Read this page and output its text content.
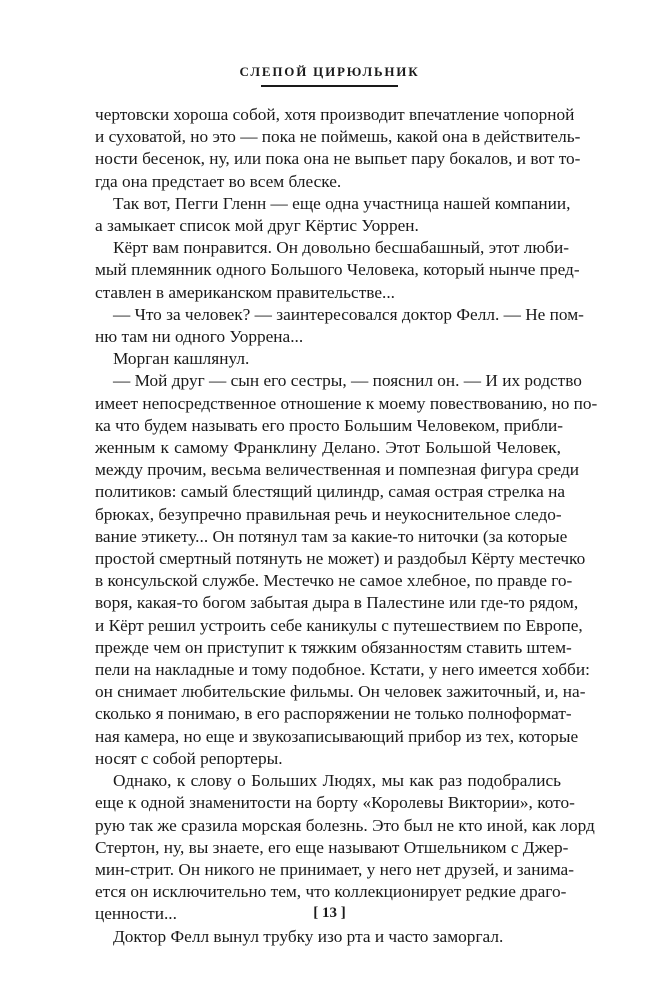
СЛЕПОЙ ЦИРЮЛЬНИК
чертовски хороша собой, хотя производит впечатление чопорной
и суховатой, но это — пока не поймешь, какой она в действитель-
ности бесенок, ну, или пока она не выпьет пару бокалов, и вот то-
гда она предстает во всем блеске.
Так вот, Пегги Гленн — еще одна участница нашей компании,
а замыкает список мой друг Кёртис Уоррен.
Кёрт вам понравится. Он довольно бесшабашный, этот люби-
мый племянник одного Большого Человека, который нынче пред-
ставлен в американском правительстве...
— Что за человек? — заинтересовался доктор Фелл. — Не пом-
ню там ни одного Уоррена...
Морган кашлянул.
— Мой друг — сын его сестры, — пояснил он. — И их родство
имеет непосредственное отношение к моему повествованию, но по-
ка что будем называть его просто Большим Человеком, прибли-
женным к самому Франклину Делано. Этот Большой Человек,
между прочим, весьма величественная и помпезная фигура среди
политиков: самый блестящий цилиндр, самая острая стрелка на
брюках, безупречно правильная речь и неукоснительное следо-
вание этикету... Он потянул там за какие-то ниточки (за которые
простой смертный потянуть не может) и раздобыл Кёрту местечко
в консульской службе. Местечко не самое хлебное, по правде го-
воря, какая-то богом забытая дыра в Палестине или где-то рядом,
и Кёрт решил устроить себе каникулы с путешествием по Европе,
прежде чем он приступит к тяжким обязанностям ставить штем-
пели на накладные и тому подобное. Кстати, у него имеется хобби:
он снимает любительские фильмы. Он человек зажиточный, и, на-
сколько я понимаю, в его распоряжении не только полноформат-
ная камера, но еще и звукозаписывающий прибор из тех, которые
носят с собой репортеры.
Однако, к слову о Больших Людях, мы как раз подобрались
еще к одной знаменитости на борту «Королевы Виктории», кото-
рую так же сразила морская болезнь. Это был не кто иной, как лорд
Стертон, ну, вы знаете, его еще называют Отшельником с Джер-
мин-стрит. Он никого не принимает, у него нет друзей, и занима-
ется он исключительно тем, что коллекционирует редкие драго-
ценности...
Доктор Фелл вынул трубку изо рта и часто заморгал.
[ 13 ]
